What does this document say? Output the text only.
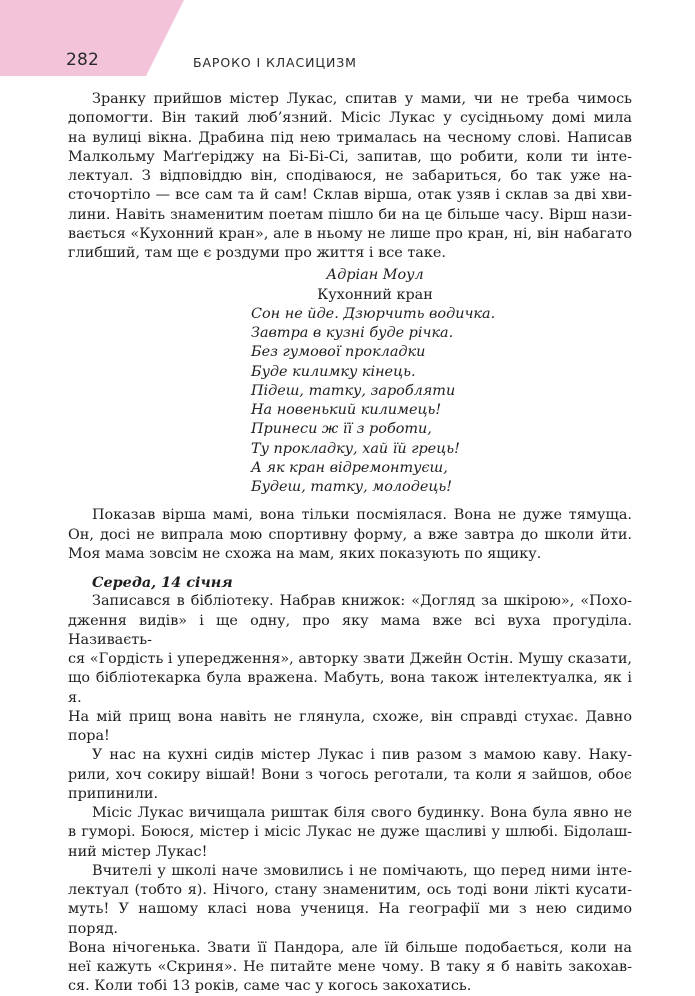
282	БАРОКО І КЛАСИЦИЗМ
Зранку прийшов містер Лукас, спитав у мами, чи не треба чимось
допомогти. Він такий люб’язний. Місіс Лукас у сусідньому домі мила
на вулиці вікна. Драбина під нею трималась на чесному слові. Написав
Малкольму Маґґеріджу на Бі-Бі-Сі, запитав, що робити, коли ти інте-
лектуал. З відповіддю він, сподіваюся, не забариться, бо так уже на-
сточортіло — все сам та й сам! Склав вірша, отак узяв і склав за дві хви-
лини. Навіть знаменитим поетам пішло би на це більше часу. Вірш нази-
вається «Кухонний кран», але в ньому не лише про кран, ні, він набагато
глибший, там ще є роздуми про життя і все таке.
Адріан Моул
Кухонний кран
Сон не йде. Дзюрчить водичка.
Завтра в кузні буде річка.
Без гумової прокладки
Буде килимку кінець.
Підеш, татку, заробляти
На новенький килимець!
Принеси ж її з роботи,
Ту прокладку, хай їй грець!
А як кран відремонтуєш,
Будеш, татку, молодець!
Показав вірша мамі, вона тільки посміялася. Вона не дуже тямуща.
Он, досі не випрала мою спортивну форму, а вже завтра до школи йти.
Моя мама зовсім не схожа на мам, яких показують по ящику.
Середа, 14 січня
Записався в бібліотеку. Набрав книжок: «Догляд за шкірою», «Похо-
дження видів» і ще одну, про яку мама вже всі вуха прогуділа. Називаєть-
ся «Гордість і упередження», авторку звати Джейн Остін. Мушу сказати,
що бібліотекарка була вражена. Мабуть, вона також інтелектуалка, як і я.
На мій прищ вона навіть не глянула, схоже, він справді стухає. Давно пора!
У нас на кухні сидів містер Лукас і пив разом з мамою каву. Наку-
рили, хоч сокиру вішай! Вони з чогось реготали, та коли я зайшов, обоє
припинили.
Місіс Лукас вичищала риштак біля свого будинку. Вона була явно не
в гуморі. Боюся, містер і місіс Лукас не дуже щасливі у шлюбі. Бідолаш-
ний містер Лукас!
Вчителі у школі наче змовились і не помічають, що перед ними інте-
лектуал (тобто я). Нічого, стану знаменитим, ось тоді вони лікті кусати-
муть! У нашому класі нова учениця. На географії ми з нею сидимо поряд.
Вона нічогенька. Звати її Пандора, але їй більше подобається, коли на
неї кажуть «Скриня». Не питайте мене чому. В таку я б навіть закохав-
ся. Коли тобі 13 років, саме час у когось закохатись.
